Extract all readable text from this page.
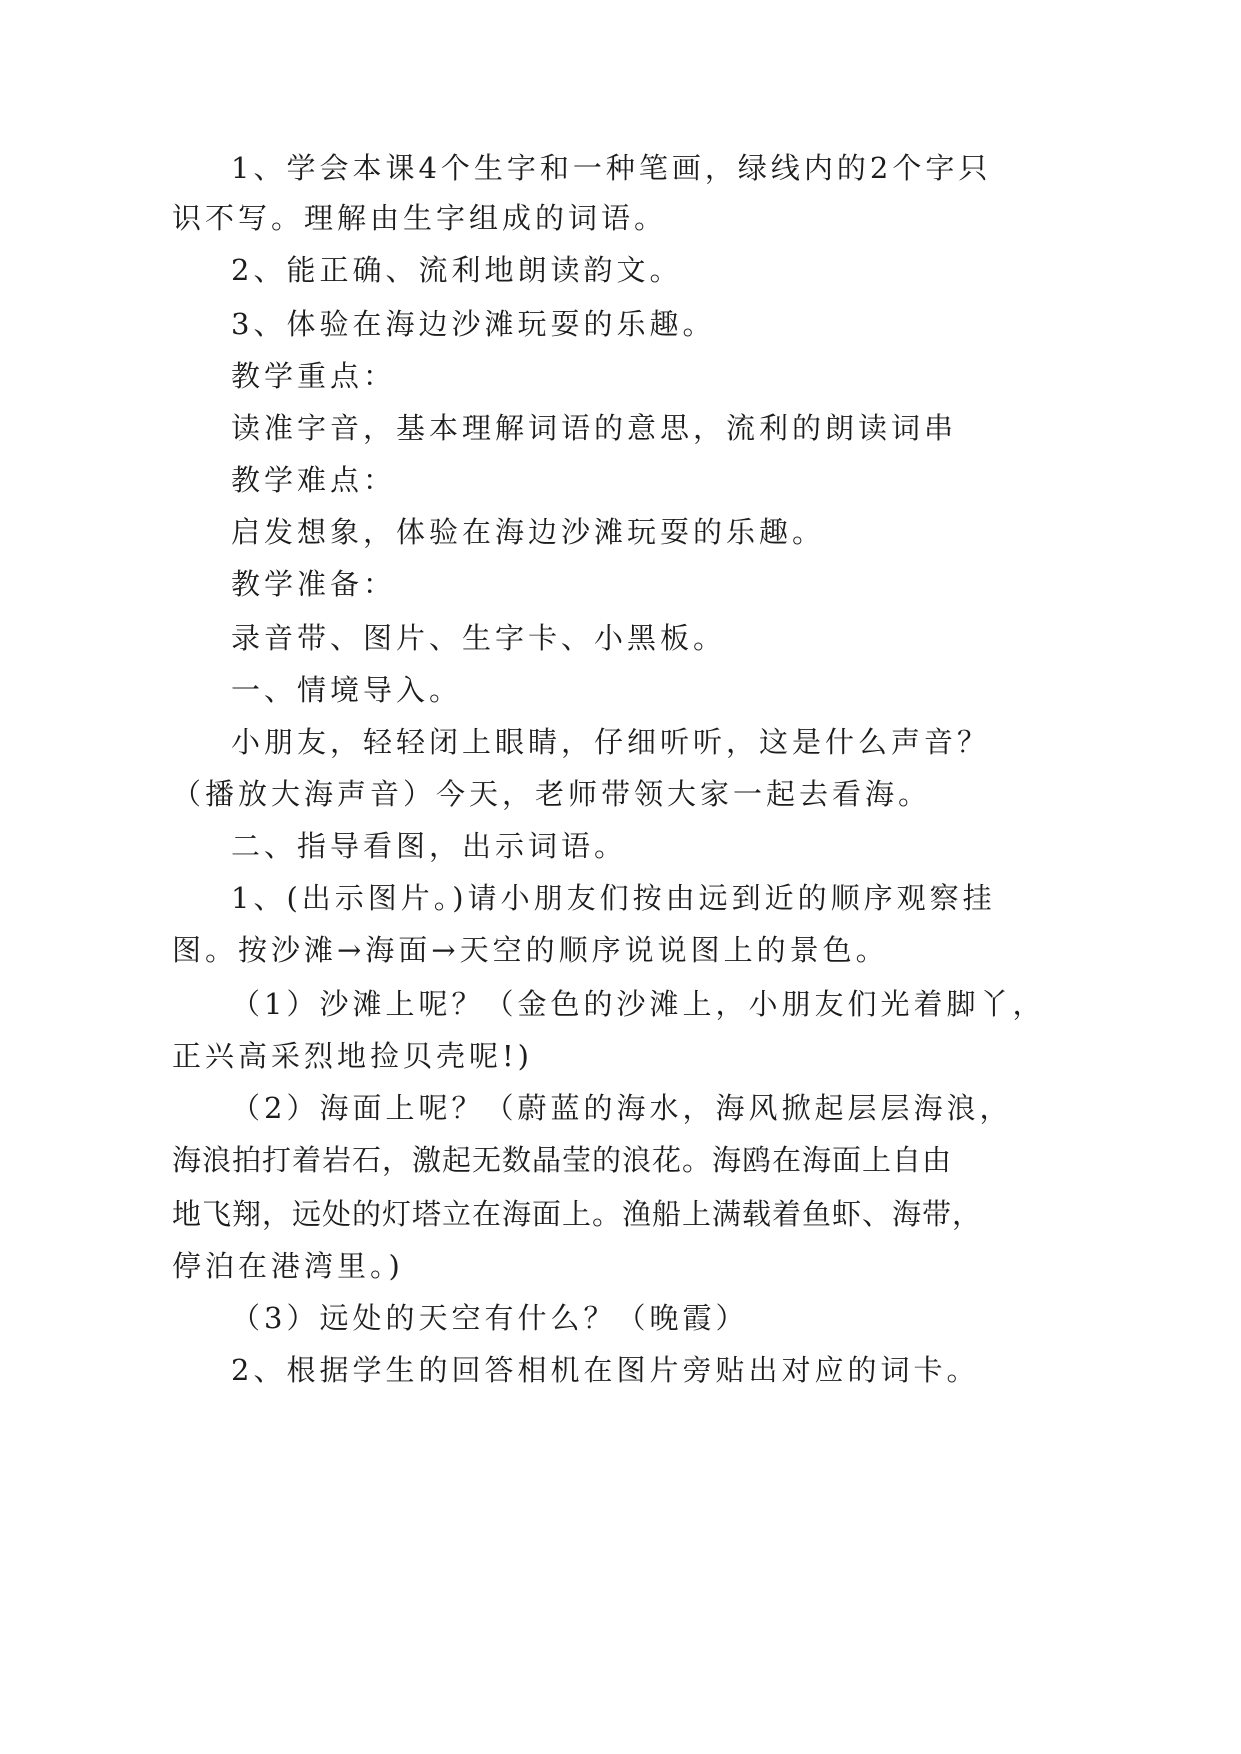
1、学会本课4个生字和一种笔画，绿线内的2个字只

识不写。理解由生字组成的词语。

2、能正确、流利地朗读韵文。

3、体验在海边沙滩玩耍的乐趣。

教学重点：

读准字音，基本理解词语的意思，流利的朗读词串

教学难点：

启发想象，体验在海边沙滩玩耍的乐趣。

教学准备：

录音带、图片、生字卡、小黑板。

一、情境导入。

小朋友，轻轻闭上眼睛，仔细听听，这是什么声音？

（播放大海声音）今天，老师带领大家一起去看海。

二、指导看图，出示词语。

1、(出示图片。)请小朋友们按由远到近的顺序观察挂

图。按沙滩→海面→天空的顺序说说图上的景色。

（1）沙滩上呢？（金色的沙滩上，小朋友们光着脚丫，

正兴高采烈地捡贝壳呢!)

（2）海面上呢？（蔚蓝的海水，海风掀起层层海浪，

海浪拍打着岩石，激起无数晶莹的浪花。海鸥在海面上自由

地飞翔，远处的灯塔立在海面上。渔船上满载着鱼虾、海带，

停泊在港湾里。)

（3）远处的天空有什么？（晚霞）

2、根据学生的回答相机在图片旁贴出对应的词卡。
